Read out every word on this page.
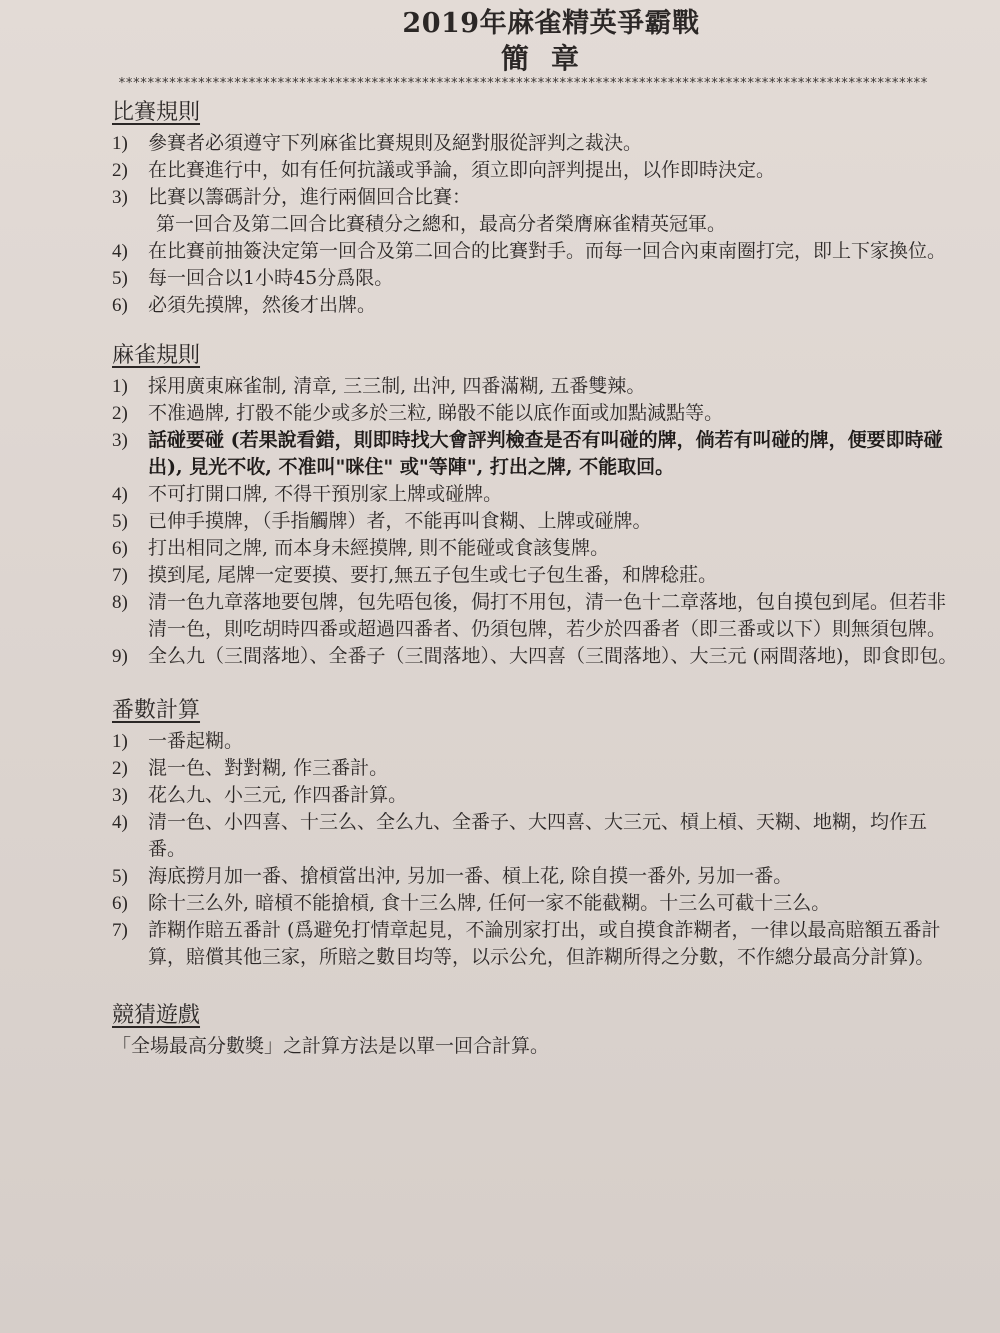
2019年麻雀精英爭霸戰
簡章
****************************************************************************************************************
比賽規則
1)	參賽者必須遵守下列麻雀比賽規則及絕對服從評判之裁決。
2)	在比賽進行中，如有任何抗議或爭論，須立即向評判提出，以作即時決定。
3)	比賽以籌碼計分，進行兩個回合比賽：
第一回合及第二回合比賽積分之總和，最高分者榮膺麻雀精英冠軍。
4)	在比賽前抽簽決定第一回合及第二回合的比賽對手。而每一回合內東南圈打完，即上下家換位。
5)	每一回合以1小時45分爲限。
6)	必須先摸牌，然後才出牌。
麻雀規則
1)	採用廣東麻雀制, 清章, 三三制, 出沖, 四番滿糊, 五番雙辣。
2)	不准過牌, 打骰不能少或多於三粒, 睇骰不能以底作面或加點減點等。
3)	話碰要碰 (若果說看錯，則即時找大會評判檢查是否有叫碰的牌，倘若有叫碰的牌，便要即時碰出), 見光不收, 不准叫"咪住" 或"等陣", 打出之牌, 不能取回。
4)	不可打開口牌, 不得干預別家上牌或碰牌。
5)	已伸手摸牌，（手指觸牌）者，不能再叫食糊、上牌或碰牌。
6)	打出相同之牌, 而本身未經摸牌, 則不能碰或食該隻牌。
7)	摸到尾, 尾牌一定要摸、要打,無五子包生或七子包生番，和牌稔莊。
8)	清一色九章落地要包牌，包先唔包後，侷打不用包，清一色十二章落地，包自摸包到尾。但若非清一色，則吃胡時四番或超過四番者、仍須包牌，若少於四番者（即三番或以下）則無須包牌。
9)	全么九（三間落地）、全番子（三間落地）、大四喜（三間落地）、大三元 (兩間落地)，即食即包。
番數計算
1)	一番起糊。
2)	混一色、對對糊, 作三番計。
3)	花么九、小三元, 作四番計算。
4)	清一色、小四喜、十三么、全么九、全番子、大四喜、大三元、槓上槓、天糊、地糊，均作五番。
5)	海底撈月加一番、搶槓當出沖, 另加一番、槓上花, 除自摸一番外, 另加一番。
6)	除十三么外, 暗槓不能搶槓, 食十三么牌, 任何一家不能截糊。十三么可截十三么。
7)	詐糊作賠五番計 (爲避免打情章起見，不論別家打出，或自摸食詐糊者，一律以最高賠額五番計算，賠償其他三家，所賠之數目均等，以示公允，但詐糊所得之分數，不作總分最高分計算)。
競猜遊戲
「全場最高分數獎」之計算方法是以單一回合計算。
